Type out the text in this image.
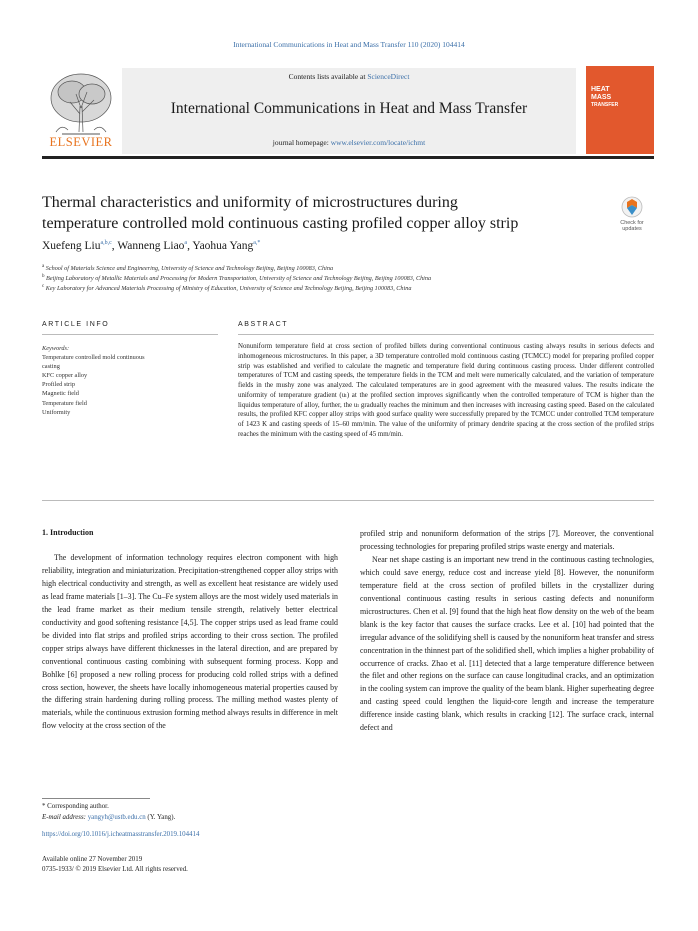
International Communications in Heat and Mass Transfer 110 (2020) 104414
Contents lists available at ScienceDirect
International Communications in Heat and Mass Transfer
journal homepage: www.elsevier.com/locate/ichmt
ELSEVIER
HEAT
MASS
TRANSFER
Thermal characteristics and uniformity of microstructures during
temperature controlled mold continuous casting profiled copper alloy strip	Check for
updates
Xuefeng Liu$^{a,b,c}$, Wanneng Liao$^a$, Yaohua Yang$^{a,*}$
$^a$ School of Materials Science and Engineering, University of Science and Technology Beijing, Beijing 100083, China
$^b$ Beijing Laboratory of Metallic Materials and Processing for Modern Transportation, University of Science and Technology Beijing, Beijing 100083, China
$^c$ Key Laboratory for Advanced Materials Processing of Ministry of Education, University of Science and Technology Beijing, Beijing 100083, China
ARTICLE INFO	ABSTRACT
Keywords:
Temperature controlled mold continuous
casting
KFC copper alloy
Profiled strip
Magnetic field
Temperature field
Uniformity
Nonuniform temperature field at cross section of profiled billets during conventional continuous casting always results in serious defects and inhomogeneous microstructures. In this paper, a 3D temperature controlled mold continuous casting (TCMCC) model for preparing profiled copper strip was established and verified to calculate the magnetic and temperature field during continuous casting process. Under different controlled temperatures of TCM and casting speeds, the temperature fields in the TCM and melt were numerically calculated, and the variation of temperature fields in the mushy zone was analyzed. The calculated temperatures are in good agreement with the measured values. The results indicate the uniformity of temperature gradient (uₗ) at the profiled section improves significantly when the controlled temperature of TCM is higher than the liquidus temperature of alloy, further, the uₗ gradually reaches the minimum and then increases with increasing casting speed. Based on the calculated results, the profiled KFC copper alloy strips with good surface quality were successfully prepared by the TCMCC under controlled TCM temperature of 1423 K and casting speeds of 15–60 mm/min. The value of the uniformity of primary dendrite spacing at the cross section of the profiled strips reaches the minimum with the casting speed of 45 mm/min.
1. Introduction

The development of information technology requires electron component with high reliability, integration and miniaturization. Precipitation-strengthened copper alloy strips with high electrical conductivity and strength, as well as excellent heat resistance are widely used as lead frame materials [1–3]. The Cu–Fe system alloys are the most widely used materials in the lead frame market as their medium tensile strength, relatively better electrical conductivity and good softening resistance [4,5]. The copper strips used as lead frame could be divided into flat strips and profiled strips according to their cross section. The profiled copper strips always have different thicknesses in the lateral direction, and are prepared by conventional continuous casting combining with subsequent forming process. Kopp and Bohlke [6] proposed a new rolling process for producing cold rolled strips with a defined cross section, however, the sheets have locally inhomogeneous material properties caused by the differing strain hardening during rolling process. The milling method wastes plenty of materials, while the continuous extrusion forming method always results in difference in melt flow velocity at the cross section of the

profiled strip and nonuniform deformation of the strips [7]. Moreover, the conventional processing technologies for preparing profiled strips waste energy and materials.

Near net shape casting is an important new trend in the continuous casting technologies, which could save energy, reduce cost and increase yield [8]. However, the nonuniform temperature field at the cross section of profiled billets in the crystallizer during conventional continuous casting results in serious casting defects and nonuniform microstructures. Chen et al. [9] found that the high heat flow density on the web of the beam blank is the key factor that causes the surface cracks. Lee et al. [10] had pointed that the irregular advance of the solidifying shell is caused by the nonuniform heat transfer and stress concentration in the thinnest part of the solidified shell, which implies a higher probability of occurrence of cracks. Zhao et al. [11] detected that a large temperature difference between the filet and other regions on the surface can cause longitudinal cracks, and an optimization in the cooling system can improve the quality of the beam blank. Higher superheating degree and casting speed could lengthen the liquid-core length and increase the temperature difference inside casting blank, which results in cracking [12]. The surface crack, internal defect and

* Corresponding author.
E-mail address: yangyh@ustb.edu.cn (Y. Yang).
https://doi.org/10.1016/j.icheatmasstransfer.2019.104414
Available online 27 November 2019
0735-1933/ © 2019 Elsevier Ltd. All rights reserved.
